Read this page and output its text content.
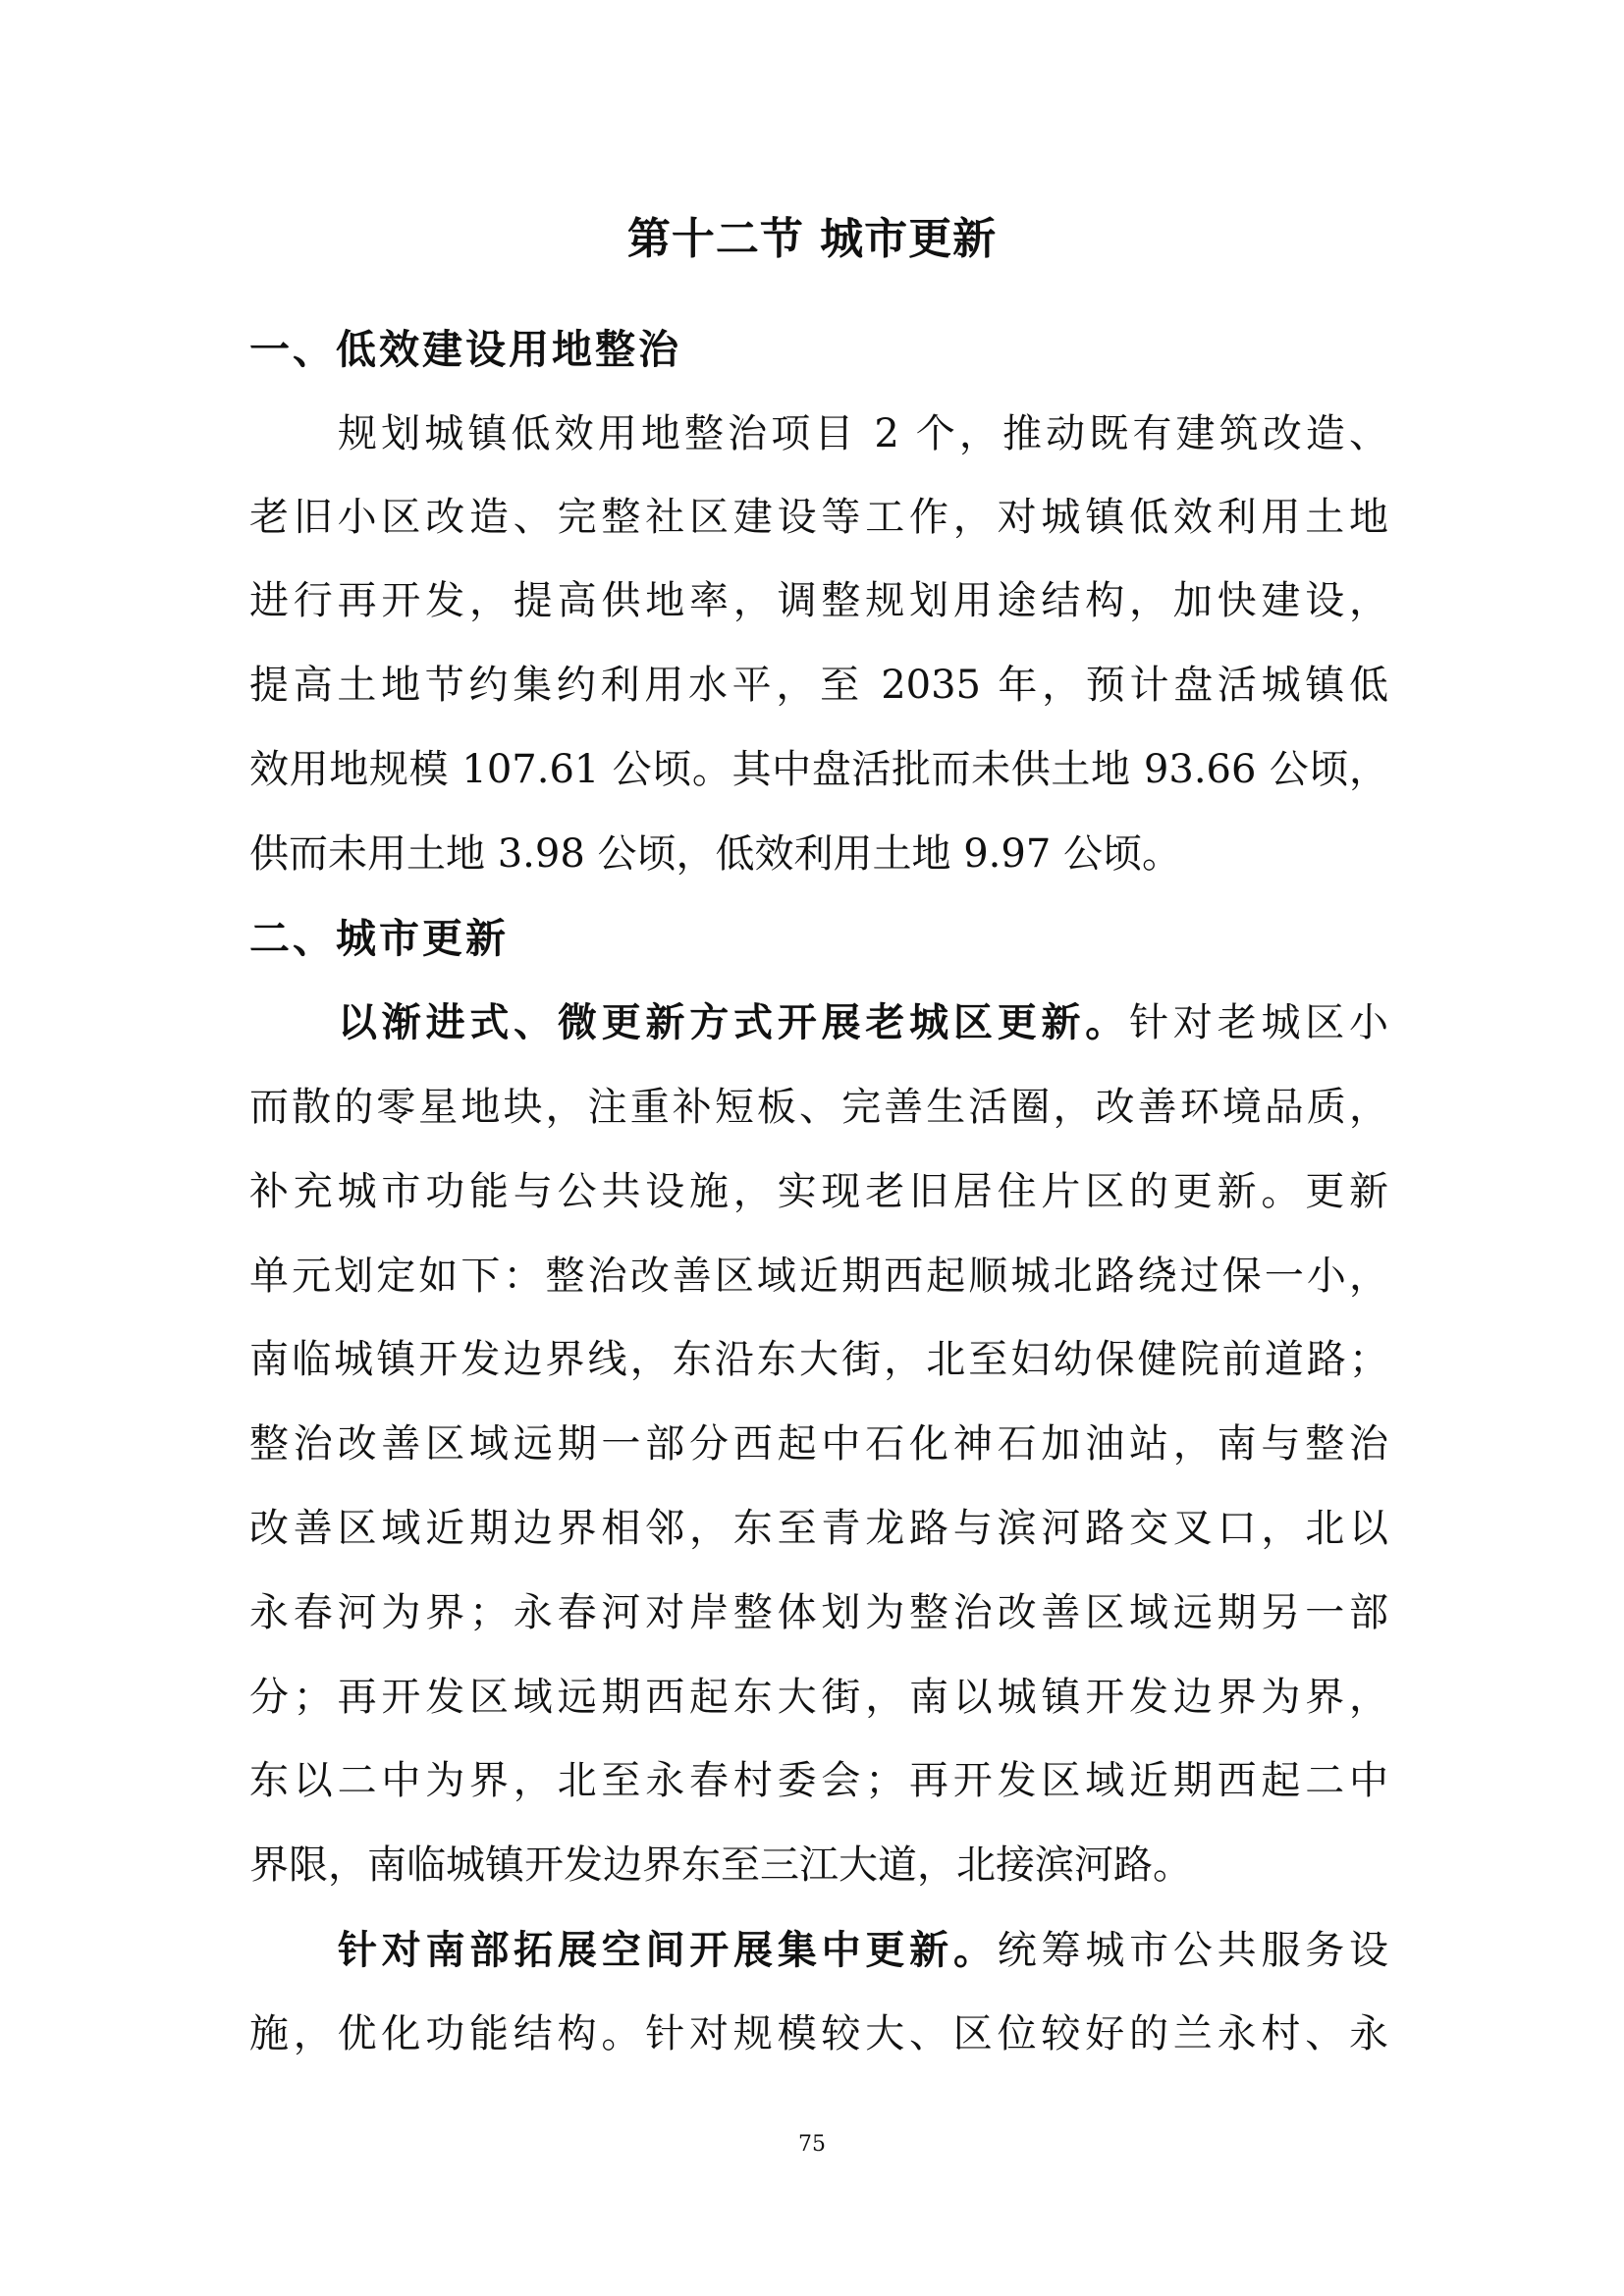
第十二节 城市更新
一、低效建设用地整治
规划城镇低效用地整治项目 2 个，推动既有建筑改造、
老旧小区改造、完整社区建设等工作，对城镇低效利用土地
进行再开发，提高供地率，调整规划用途结构，加快建设，
提高土地节约集约利用水平，至 2035 年，预计盘活城镇低
效用地规模 107.61 公顷。其中盘活批而未供土地 93.66 公顷，
供而未用土地 3.98 公顷，低效利用土地 9.97 公顷。
二、城市更新
以渐进式、微更新方式开展老城区更新。针对老城区小
而散的零星地块，注重补短板、完善生活圈，改善环境品质，
补充城市功能与公共设施，实现老旧居住片区的更新。更新
单元划定如下：整治改善区域近期西起顺城北路绕过保一小，
南临城镇开发边界线，东沿东大街，北至妇幼保健院前道路；
整治改善区域远期一部分西起中石化神石加油站，南与整治
改善区域近期边界相邻，东至青龙路与滨河路交叉口，北以
永春河为界；永春河对岸整体划为整治改善区域远期另一部
分；再开发区域远期西起东大街，南以城镇开发边界为界，
东以二中为界，北至永春村委会；再开发区域近期西起二中
界限，南临城镇开发边界东至三江大道，北接滨河路。
针对南部拓展空间开展集中更新。统筹城市公共服务设
施，优化功能结构。针对规模较大、区位较好的兰永村、永
75
